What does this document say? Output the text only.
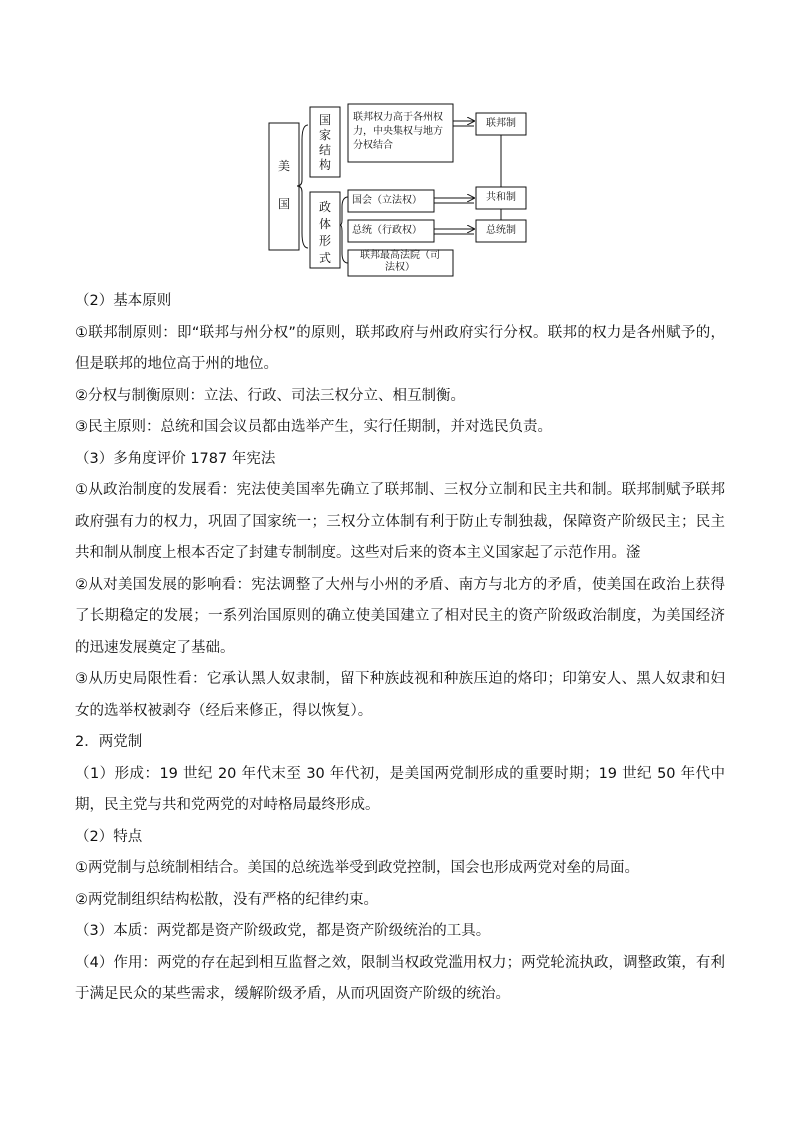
美
国
国
家
结
构
政
体
形
式
联邦权力高于各州权力，中央集权与地方分权结合
国会（立法权）
总统（行政权）
联邦最高法院（司法权）
联邦制
共和制
总统制

（2）基本原则

①联邦制原则：即“联邦与州分权”的原则，联邦政府与州政府实行分权。联邦的权力是各州赋予的，但是联邦的地位高于州的地位。

②分权与制衡原则：立法、行政、司法三权分立、相互制衡。

③民主原则：总统和国会议员都由选举产生，实行任期制，并对选民负责。

（3）多角度评价 1787 年宪法

①从政治制度的发展看：宪法使美国率先确立了联邦制、三权分立制和民主共和制。联邦制赋予联邦政府强有力的权力，巩固了国家统一；三权分立体制有利于防止专制独裁，保障资产阶级民主；民主共和制从制度上根本否定了封建专制制度。这些对后来的资本主义国家起了示范作用。滏

②从对美国发展的影响看：宪法调整了大州与小州的矛盾、南方与北方的矛盾，使美国在政治上获得了长期稳定的发展；一系列治国原则的确立使美国建立了相对民主的资产阶级政治制度，为美国经济的迅速发展奠定了基础。

③从历史局限性看：它承认黑人奴隶制，留下种族歧视和种族压迫的烙印；印第安人、黑人奴隶和妇女的选举权被剥夺（经后来修正，得以恢复）。

2．两党制

（1）形成：19 世纪 20 年代末至 30 年代初，是美国两党制形成的重要时期；19 世纪 50 年代中期，民主党与共和党两党的对峙格局最终形成。

（2）特点

①两党制与总统制相结合。美国的总统选举受到政党控制，国会也形成两党对垒的局面。

②两党制组织结构松散，没有严格的纪律约束。

（3）本质：两党都是资产阶级政党，都是资产阶级统治的工具。

（4）作用：两党的存在起到相互监督之效，限制当权政党滥用权力；两党轮流执政，调整政策，有利于满足民众的某些需求，缓解阶级矛盾，从而巩固资产阶级的统治。
